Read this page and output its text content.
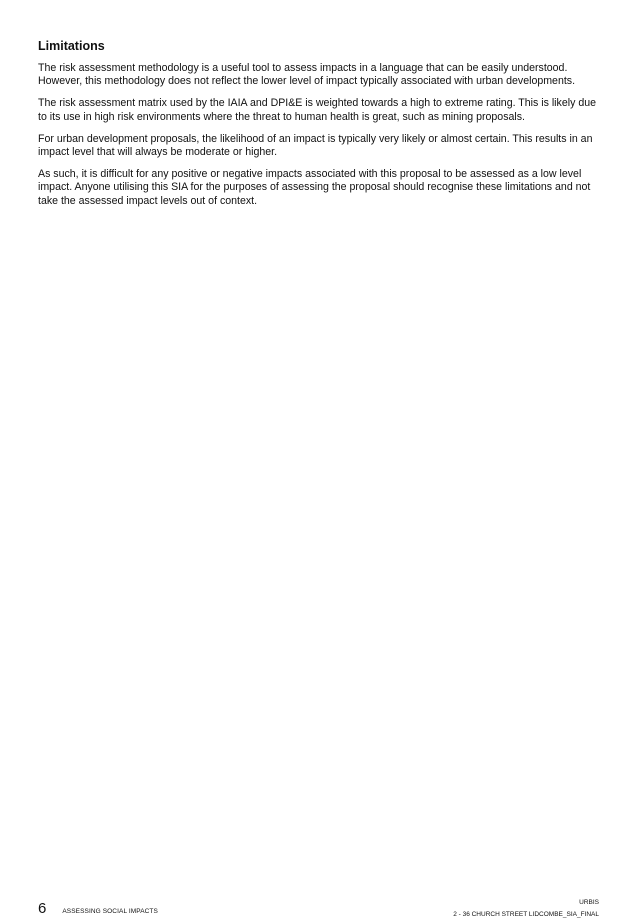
Limitations

The risk assessment methodology is a useful tool to assess impacts in a language that can be easily understood. However, this methodology does not reflect the lower level of impact typically associated with urban developments.

The risk assessment matrix used by the IAIA and DPI&E is weighted towards a high to extreme rating. This is likely due to its use in high risk environments where the threat to human health is great, such as mining proposals.

For urban development proposals, the likelihood of an impact is typically very likely or almost certain. This results in an impact level that will always be moderate or higher.

As such, it is difficult for any positive or negative impacts associated with this proposal to be assessed as a low level impact. Anyone utilising this SIA for the purposes of assessing the proposal should recognise these limitations and not take the assessed impact levels out of context.

6 ASSESSING SOCIAL IMPACTS
URBIS
2 - 36 CHURCH STREET LIDCOMBE_SIA_FINAL
